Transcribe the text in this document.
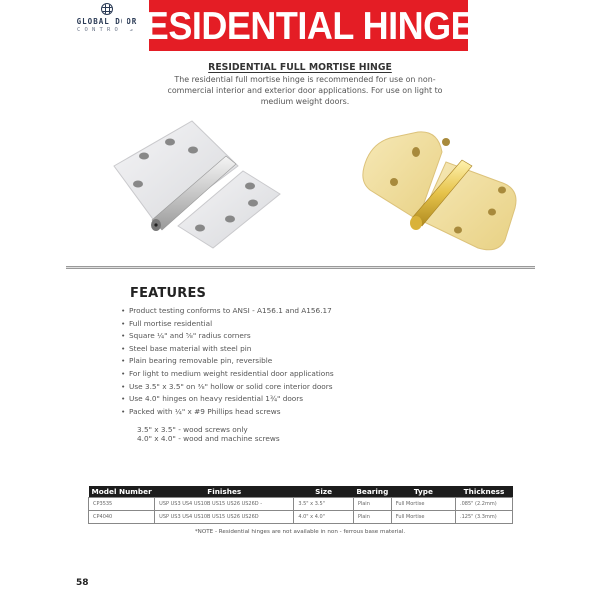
GLOBAL DOOR
CONTROLS
RESIDENTIAL HINGES
RESIDENTIAL FULL MORTISE HINGE
The residential full mortise hinge is recommended for use on non-commercial interior and exterior door applications. For use on light to medium weight doors.
FEATURES
• Product testing conforms to ANSI - A156.1 and A156.17
• Full mortise residential
• Square ¼" and ⅝" radius corners
• Steel base material with steel pin
• Plain bearing removable pin, reversible
• For light to medium weight residential door applications
• Use 3.5" x 3.5" on ⅜" hollow or solid core interior doors
• Use 4.0" hinges on heavy residential 1¾" doors
• Packed with ¼" x #9 Phillips head screws
3.5" x 3.5" - wood screws only
4.0" x 4.0" - wood and machine screws
Model Number	Finishes	Size	Bearing	Type	Thickness
CP3535	USP US3 US4 US10B US15 US26 US26D -	3.5" x 3.5"	Plain	Full Mortise	.085" (2.2mm)
CP4040	USP US3 US4 US10B US15 US26 US26D	4.0" x 4.0"	Plain	Full Mortise	.125" (3.3mm)
*NOTE - Residential hinges are not available in non - ferrous base material.
58
